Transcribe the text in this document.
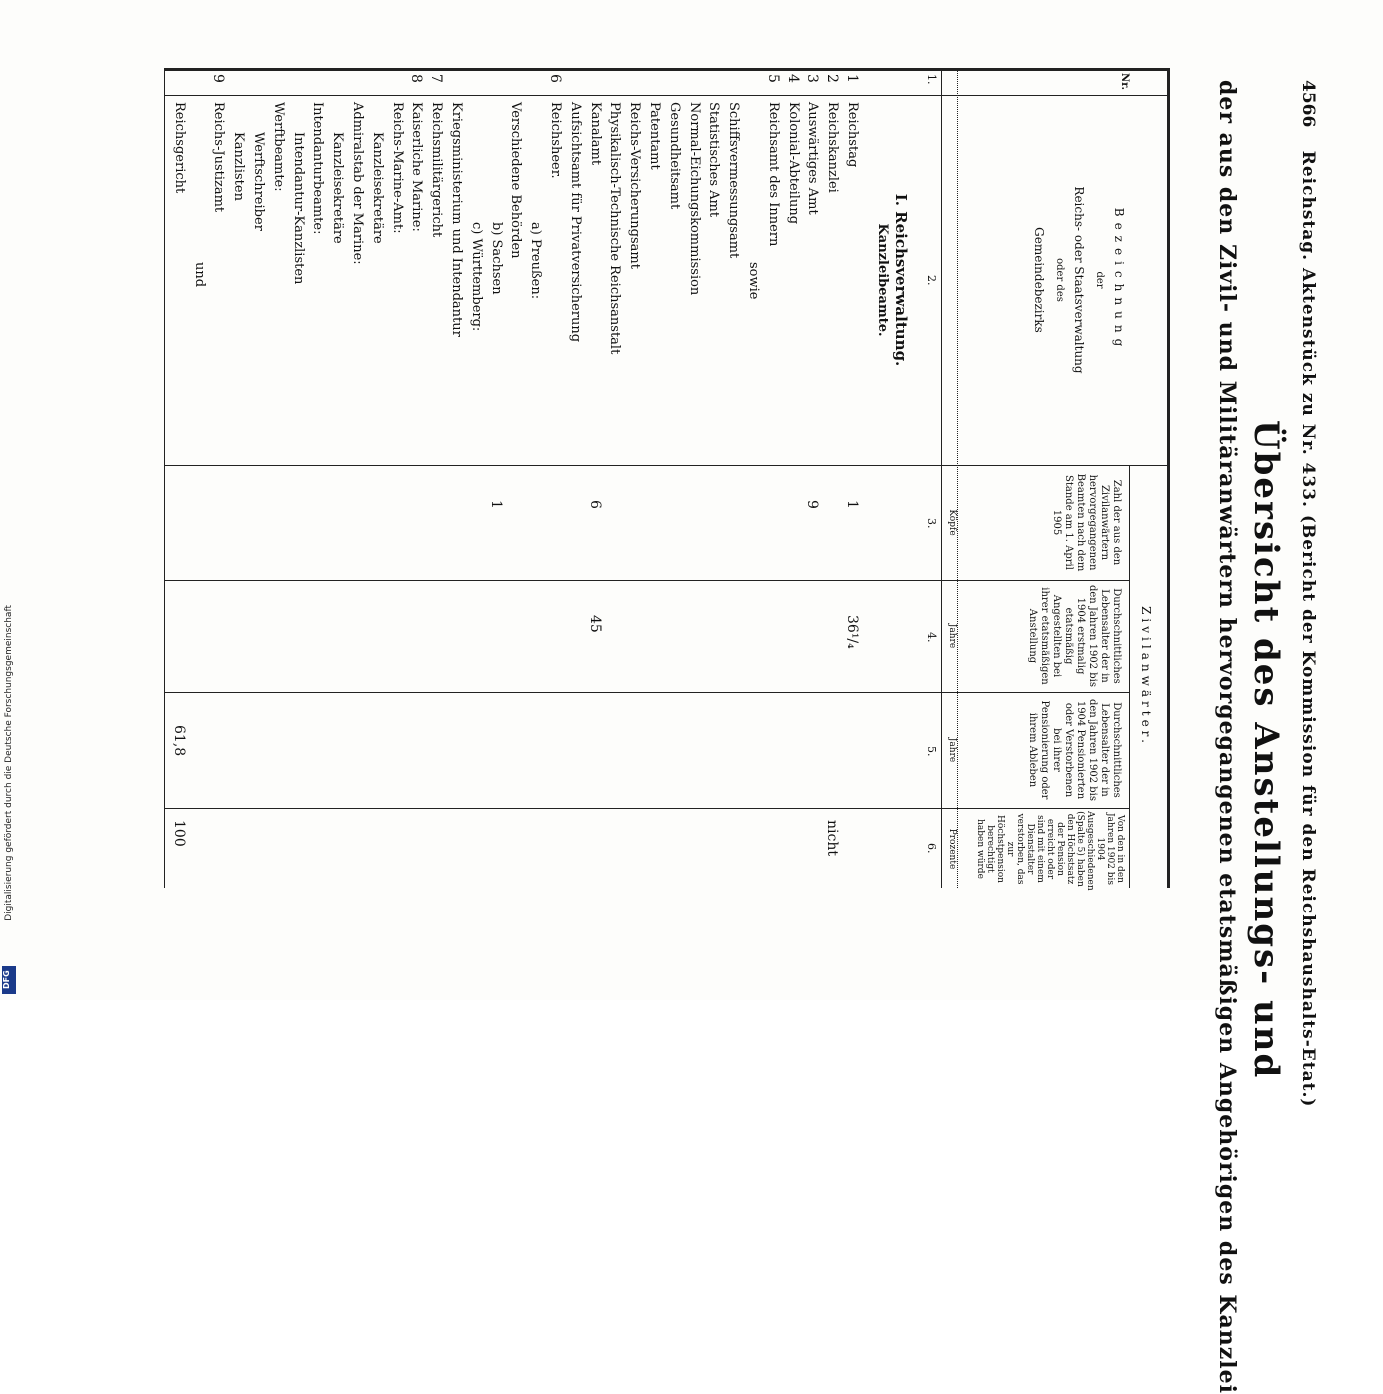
4566 Reichstag. Aktenstück zu Nr. 433. (Bericht der Kommission für den Reichshaushalts-Etat.)
Übersicht des Anstellungs- und
der aus den Zivil- und Militäranwärtern hervorgegangenen etatsmäßigen Angehörigen des Kanzlei
Nr.
Bezeichnung
der
Reichs- oder Staatsverwaltung
oder des
Gemeindebezirks
Zivilanwärter.
Zahl der aus den Zivilanwärtern hervorgegangenen Beamten nach dem Stande am 1. April 1905
Köpfe
Durchschnittliches Lebensalter der in den Jahren 1902 bis 1904 erstmalig etatsmäßig Angestellten bei ihrer etatsmäßigen Anstellung
Jahre
Durchschnittliches Lebensalter der in den Jahren 1902 bis 1904 Pensionierten oder Verstorbenen bei ihrer Pensionierung oder ihrem Ableben
Jahre
Von den in den Jahren 1902 bis 1904 Ausgeschiedenen (Spalte 5) haben den Höchstsatz der Pension erreicht oder sind mit einem Dienstalter verstorben, das zur Höchstpension berechtigt haben würde
Prozente
1.
2.
3.
4.
5.
6.
I. Reichsverwaltung.
Kanzleibeamte.
1
Reichstag
1
36¹/₄
2
Reichskanzlei
nicht
3
Auswärtiges Amt
9
4
Kolonial-Abteilung
5
Reichsamt des Innern
sowie
Schiffsvermessungsamt
Statistisches Amt
Normal-Eichungskommission
Gesundheitsamt
Patentamt
Reichs-Versicherungsamt
Physikalisch-Technische Reichsanstalt
Kanalamt
6
45
Aufsichtsamt für Privatversicherung
6
Reichsheer.
a) Preußen:
Verschiedene Behörden
b) Sachsen
1
c) Württemberg:
Kriegsministerium und Intendantur
7
Reichsmilitärgericht
8
Kaiserliche Marine:
Reichs-Marine-Amt:
Kanzleisekretäre
Admiralstab der Marine:
Kanzleisekretäre
Intendanturbeamte:
Intendantur-Kanzlisten
Werftbeamte:
Werftschreiber
Kanzlisten
9
Reichs-Justizamt
und
Reichsgericht
61,8
100
Digitalisierung gefördert durch die Deutsche Forschungsgemeinschaft
DFG
